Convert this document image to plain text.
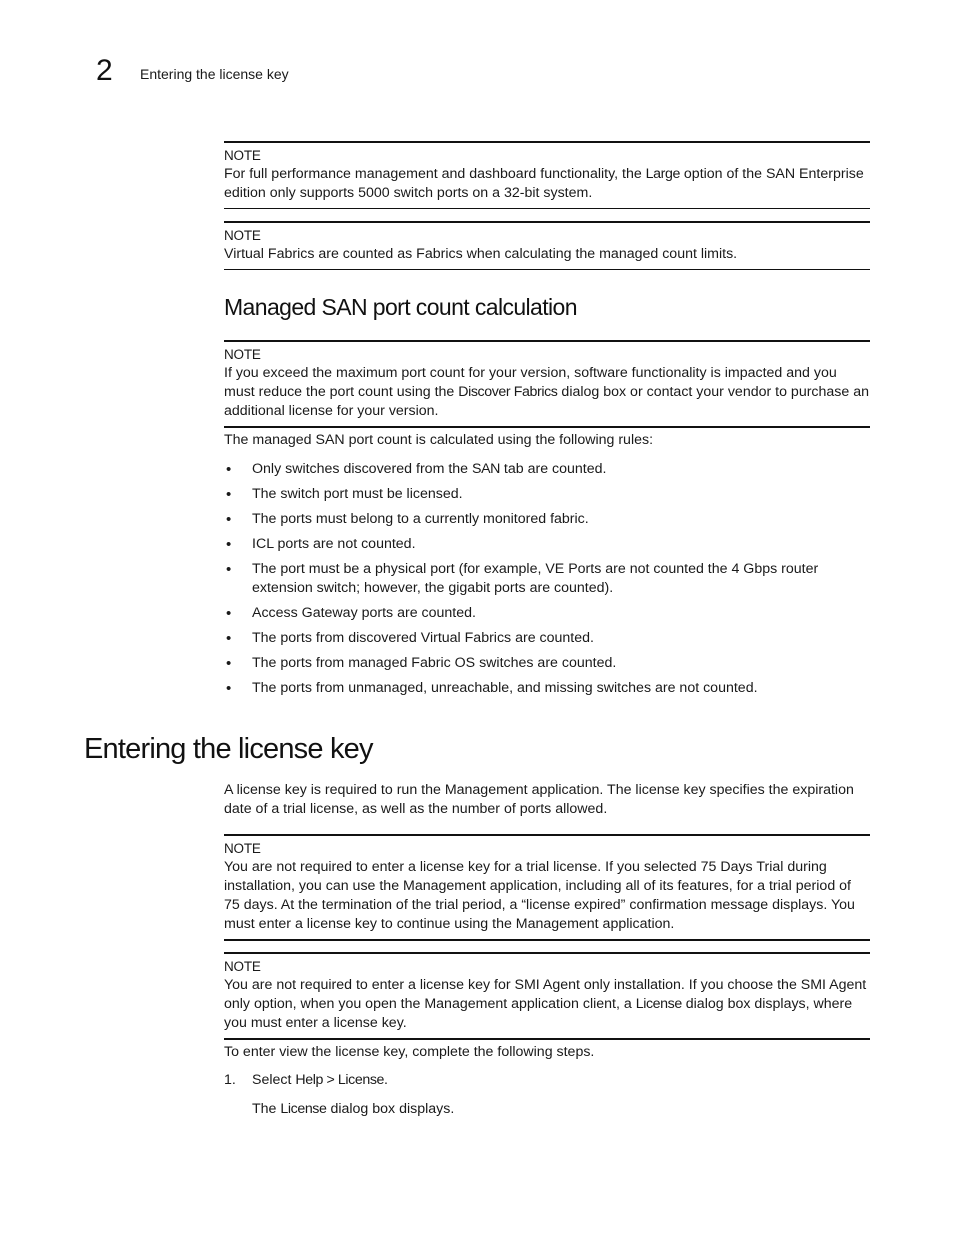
2 Entering the license key
NOTE
For full performance management and dashboard functionality, the Large option of the SAN Enterprise edition only supports 5000 switch ports on a 32-bit system.
NOTE
Virtual Fabrics are counted as Fabrics when calculating the managed count limits.
Managed SAN port count calculation
NOTE
If you exceed the maximum port count for your version, software functionality is impacted and you must reduce the port count using the Discover Fabrics dialog box or contact your vendor to purchase an additional license for your version.

The managed SAN port count is calculated using the following rules:

• Only switches discovered from the SAN tab are counted.
• The switch port must be licensed.
• The ports must belong to a currently monitored fabric.
• ICL ports are not counted.
• The port must be a physical port (for example, VE Ports are not counted the 4 Gbps router extension switch; however, the gigabit ports are counted).
• Access Gateway ports are counted.
• The ports from discovered Virtual Fabrics are counted.
• The ports from managed Fabric OS switches are counted.
• The ports from unmanaged, unreachable, and missing switches are not counted.
Entering the license key

A license key is required to run the Management application. The license key specifies the expiration date of a trial license, as well as the number of ports allowed.

NOTE
You are not required to enter a license key for a trial license. If you selected 75 Days Trial during installation, you can use the Management application, including all of its features, for a trial period of 75 days. At the termination of the trial period, a “license expired” confirmation message displays. You must enter a license key to continue using the Management application.
NOTE
You are not required to enter a license key for SMI Agent only installation. If you choose the SMI Agent only option, when you open the Management application client, a License dialog box displays, where you must enter a license key.

To enter view the license key, complete the following steps.

1. Select Help > License.
The License dialog box displays.
